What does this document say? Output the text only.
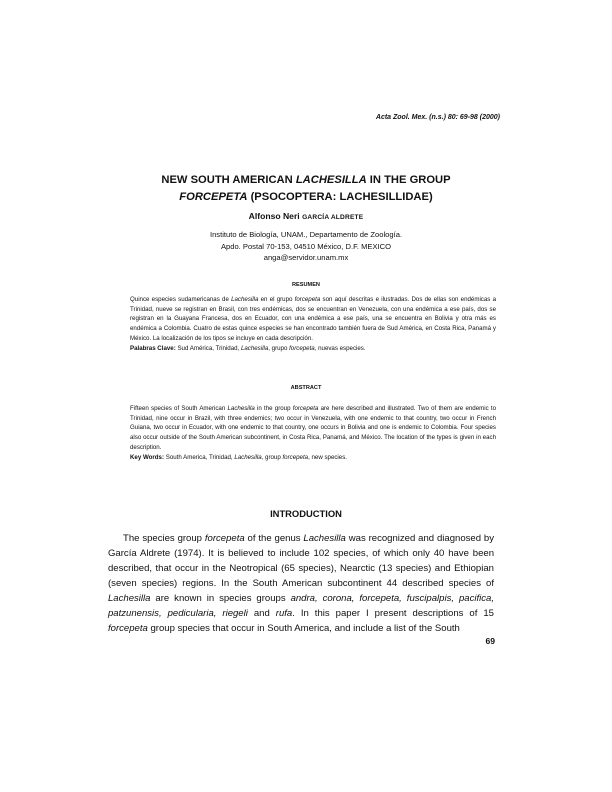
Acta Zool. Mex. (n.s.) 80: 69-98 (2000)
NEW SOUTH AMERICAN LACHESILLA IN THE GROUP
FORCEPETA (PSOCOPTERA: LACHESILLIDAE)
Alfonso Neri GARCÍA ALDRETE
Instituto de Biología, UNAM., Departamento de Zoología.
Apdo. Postal 70-153, 04510 México, D.F. MEXICO
anga@servidor.unam.mx
RESUMEN
Quince especies sudamericanas de Lachesilla en el grupo forcepeta son aquí descritas e ilustradas. Dos de ellas son endémicas a Trinidad, nueve se registran en Brasil, con tres endémicas, dos se encuentran en Venezuela, con una endémica a ese país, dos se registran en la Guayana Francesa, dos en Ecuador, con una endémica a ese país, una se encuentra en Bolivia y otra más es endémica a Colombia. Cuatro de estas quince especies se han encontrado también fuera de Sud América, en Costa Rica, Panamá y México. La localización de los tipos se incluye en cada descripción.
Palabras Clave: Sud América, Trinidad, Lachesilla, grupo forcepeta, nuevas especies.
ABSTRACT
Fifteen species of South American Lachesilla in the group forcepeta are here described and illustrated. Two of them are endemic to Trinidad, nine occur in Brazil, with three endemics; two occur in Venezuela, with one endemic to that country, two occur in French Guiana, two occur in Ecuador, with one endemic to that country, one occurs in Bolivia and one is endemic to Colombia. Four species also occur outside of the South American subcontinent, in Costa Rica, Panamá, and México. The location of the types is given in each description.
Key Words: South America, Trinidad, Lachesilla, group forcepeta, new species.
INTRODUCTION
The species group forcepeta of the genus Lachesilla was recognized and diagnosed by García Aldrete (1974). It is believed to include 102 species, of which only 40 have been described, that occur in the Neotropical (65 species), Nearctic (13 species) and Ethiopian (seven species) regions. In the South American subcontinent 44 described species of Lachesilla are known in species groups andra, corona, forcepeta, fuscipalpis, pacifica, patzunensis, pedicularia, riegeli and rufa. In this paper I present descriptions of 15 forcepeta group species that occur in South America, and include a list of the South
69
